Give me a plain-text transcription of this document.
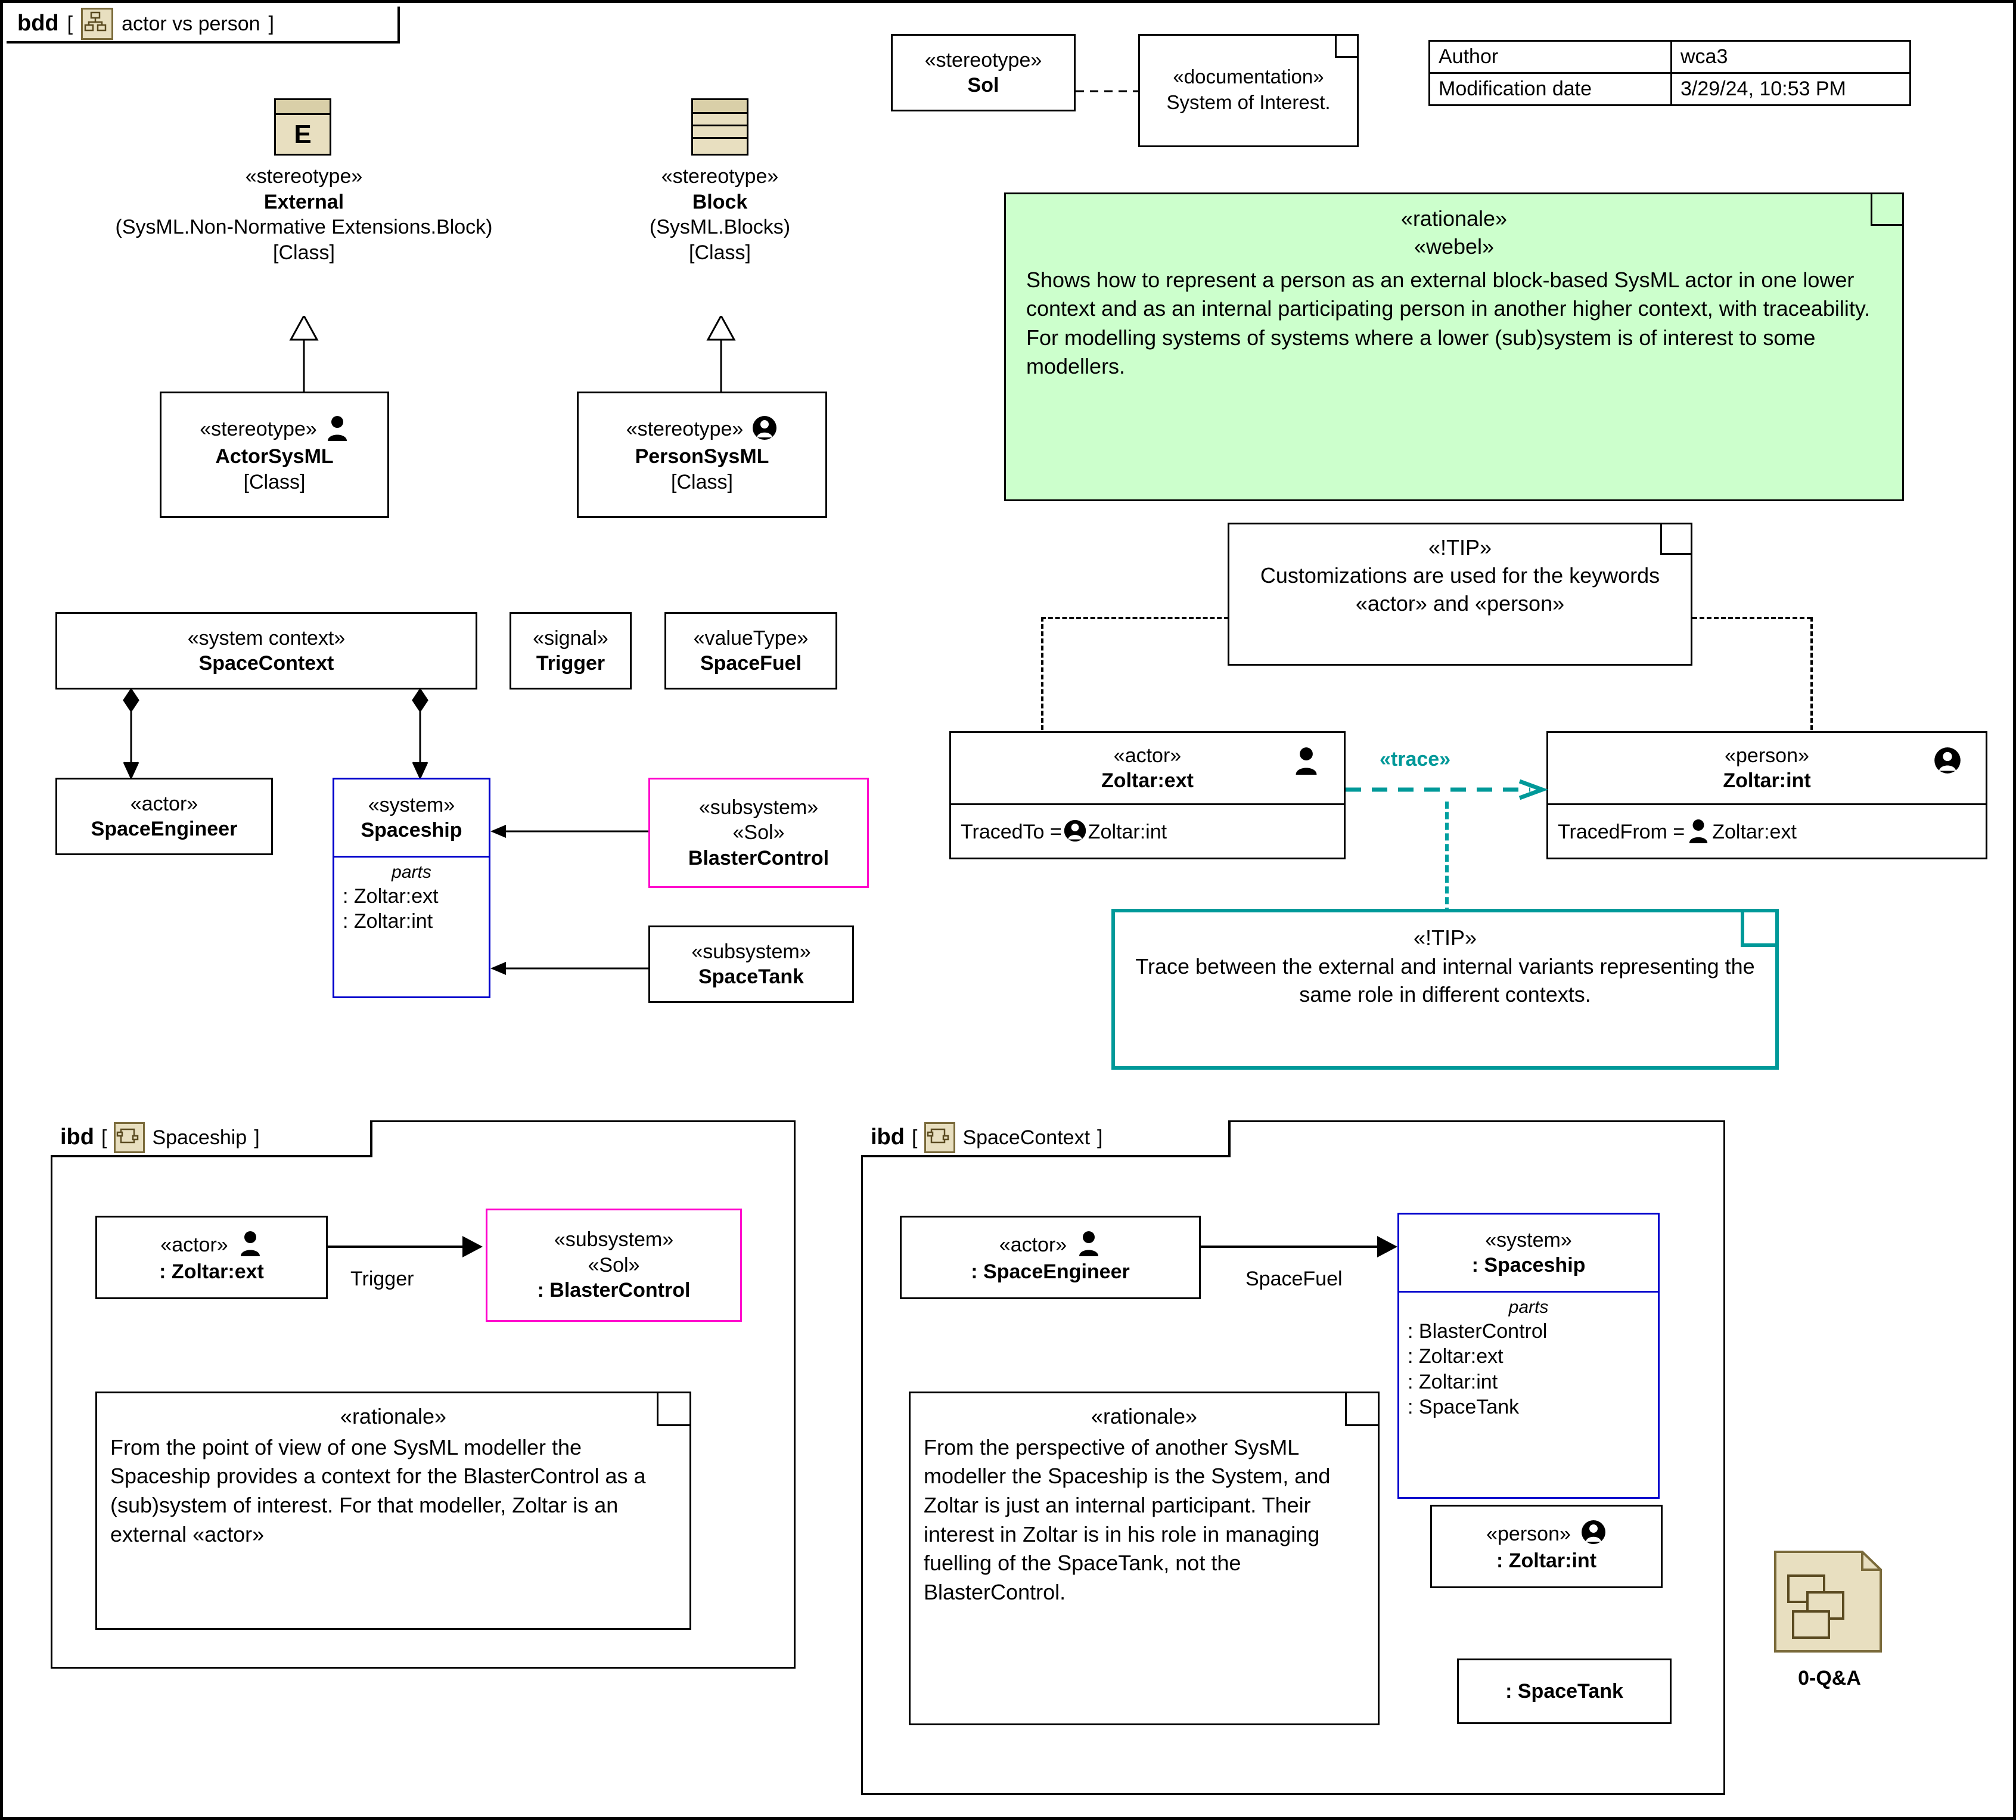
bdd [ actor vs person ]
E
«stereotype»
External
(SysML.Non-Normative Extensions.Block)
[Class]
«stereotype»
Block
(SysML.Blocks)
[Class]
«stereotype»
ActorSysML
[Class]
«stereotype»
PersonSysML
[Class]
«stereotype»
Sol	«documentation»
System of Interest.
Author	wca3
Modification date	3/29/24, 10:53 PM
«rationale»
«webel»
Shows how to represent a person as an external block-based SysML actor in one lower context and as an internal participating person in another higher context, with traceability. For modelling systems of systems where a lower (sub)system is of interest to some modellers.
«!TIP»
Customizations are used for the keywords «actor» and «person»
«actor»
Zoltar:ext
TracedTo = Zoltar:int
«person»
Zoltar:int
TracedFrom = Zoltar:ext
«trace»
«!TIP»
Trace between the external and internal variants representing the same role in different contexts.
«system context»
SpaceContext
«signal»
Trigger
«valueType»
SpaceFuel
«actor»
SpaceEngineer
«system»
Spaceship
parts
: Zoltar:ext
: Zoltar:int
«subsystem»
«Sol»
BlasterControl
«subsystem»
SpaceTank
ibd [ Spaceship ]
«actor»
: Zoltar:ext	Trigger
«subsystem»
«Sol»
: BlasterControl
«rationale»
From the point of view of one SysML modeller the Spaceship provides a context for the BlasterControl as a (sub)system of interest. For that modeller, Zoltar is an external «actor»
ibd [ SpaceContext ]
«actor»
: SpaceEngineer	SpaceFuel
«system»
: Spaceship
parts
: BlasterControl
: Zoltar:ext
: Zoltar:int
: SpaceTank
«person»
: Zoltar:int
: SpaceTank
«rationale»
From the perspective of another SysML modeller the Spaceship is the System, and Zoltar is just an internal participant. Their interest in Zoltar is in his role in managing fuelling of the SpaceTank, not the BlasterControl.
0-Q&A
